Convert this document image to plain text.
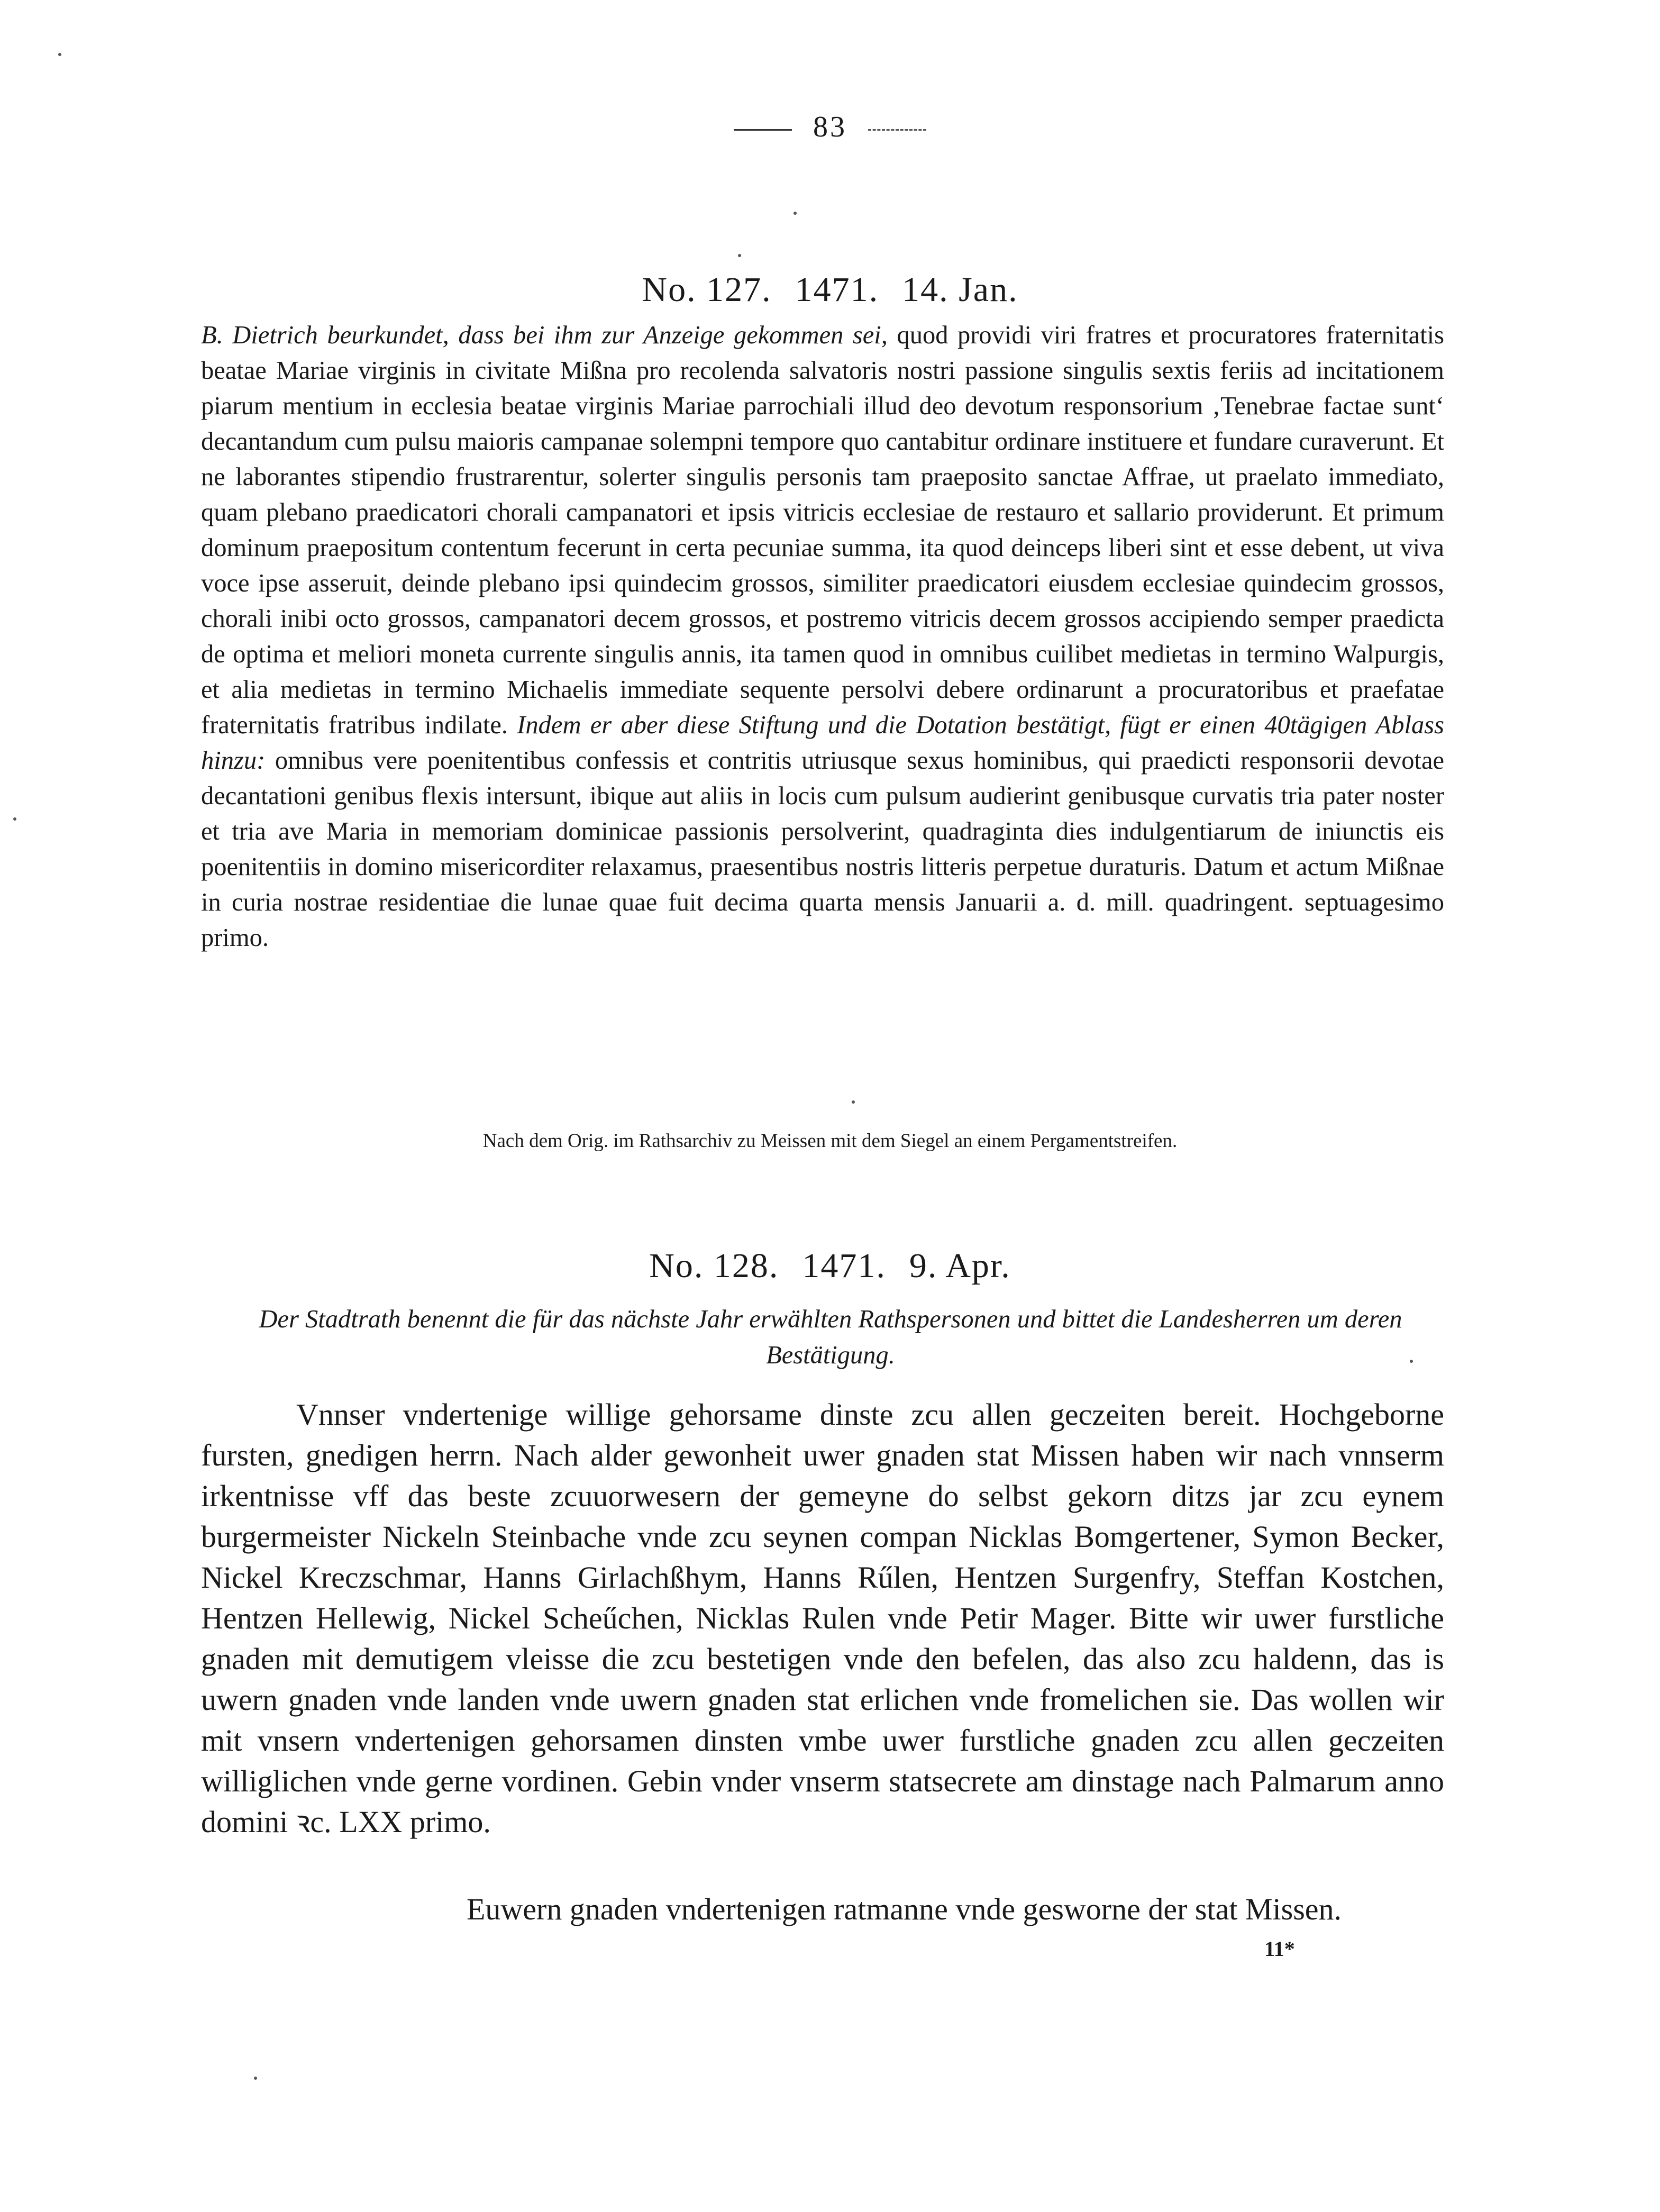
83
No. 127. 1471. 14. Jan.

B. Dietrich beurkundet, dass bei ihm zur Anzeige gekommen sei, quod providi viri fratres et procuratores fraternitatis beatae Mariae virginis in civitate Mißna pro recolenda salvatoris nostri passione singulis sextis feriis ad incitationem piarum mentium in ecclesia beatae virginis Mariae parrochiali illud deo devotum responsorium ‚Tenebrae factae sunt‘ decantandum cum pulsu maioris campanae solempni tempore quo cantabitur ordinare instituere et fundare curaverunt. Et ne laborantes stipendio frustrarentur, solerter singulis personis tam praeposito sanctae Affrae, ut praelato immediato, quam plebano praedicatori chorali campanatori et ipsis vitricis ecclesiae de restauro et sallario providerunt. Et primum dominum praepositum contentum fecerunt in certa pecuniae summa, ita quod deinceps liberi sint et esse debent, ut viva voce ipse asseruit, deinde plebano ipsi quindecim grossos, similiter praedicatori eiusdem ecclesiae quindecim grossos, chorali inibi octo grossos, campanatori decem grossos, et postremo vitricis decem grossos accipiendo semper praedicta de optima et meliori moneta currente singulis annis, ita tamen quod in omnibus cuilibet medietas in termino Walpurgis, et alia medietas in termino Michaelis immediate sequente persolvi debere ordinarunt a procuratoribus et praefatae fraternitatis fratribus indilate. Indem er aber diese Stiftung und die Dotation bestätigt, fügt er einen 40tägigen Ablass hinzu: omnibus vere poenitentibus confessis et contritis utriusque sexus hominibus, qui praedicti responsorii devotae decantationi genibus flexis intersunt, ibique aut aliis in locis cum pulsum audierint genibusque curvatis tria pater noster et tria ave Maria in memoriam dominicae passionis persolverint, quadraginta dies indulgentiarum de iniunctis eis poenitentiis in domino misericorditer relaxamus, praesentibus nostris litteris perpetue duraturis. Datum et actum Mißnae in curia nostrae residentiae die lunae quae fuit decima quarta mensis Januarii a. d. mill. quadringent. septuagesimo primo.

Nach dem Orig. im Rathsarchiv zu Meissen mit dem Siegel an einem Pergamentstreifen.
No. 128. 1471. 9. Apr.
Der Stadtrath benennt die für das nächste Jahr erwählten Rathspersonen und bittet die Landesherren um deren Bestätigung.

Vnnser vndertenige willige gehorsame dinste zcu allen geczeiten bereit. Hochgeborne fursten, gnedigen herrn. Nach alder gewonheit uwer gnaden stat Missen haben wir nach vnnserm irkentnisse vff das beste zcuuorwesern der gemeyne do selbst gekorn ditzs jar zcu eynem burgermeister Nickeln Steinbache vnde zcu seynen compan Nicklas Bomgertener, Symon Becker, Nickel Kreczschmar, Hanns Girlachßhym, Hanns Rűlen, Hentzen Surgenfry, Steffan Kostchen, Hentzen Hellewig, Nickel Scheűchen, Nicklas Rulen vnde Petir Mager. Bitte wir uwer furstliche gnaden mit demutigem vleisse die zcu bestetigen vnde den befelen, das also zcu haldenn, das is uwern gnaden vnde landen vnde uwern gnaden stat erlichen vnde fromelichen sie. Das wollen wir mit vnsern vndertenigen gehorsamen dinsten vmbe uwer furstliche gnaden zcu allen geczeiten williglichen vnde gerne vordinen. Gebin vnder vnserm statsecrete am dinstage nach Palmarum anno domini ꝛc. LXX primo.

Euwern gnaden vndertenigen ratmanne vnde gesworne der stat Missen.
11*
